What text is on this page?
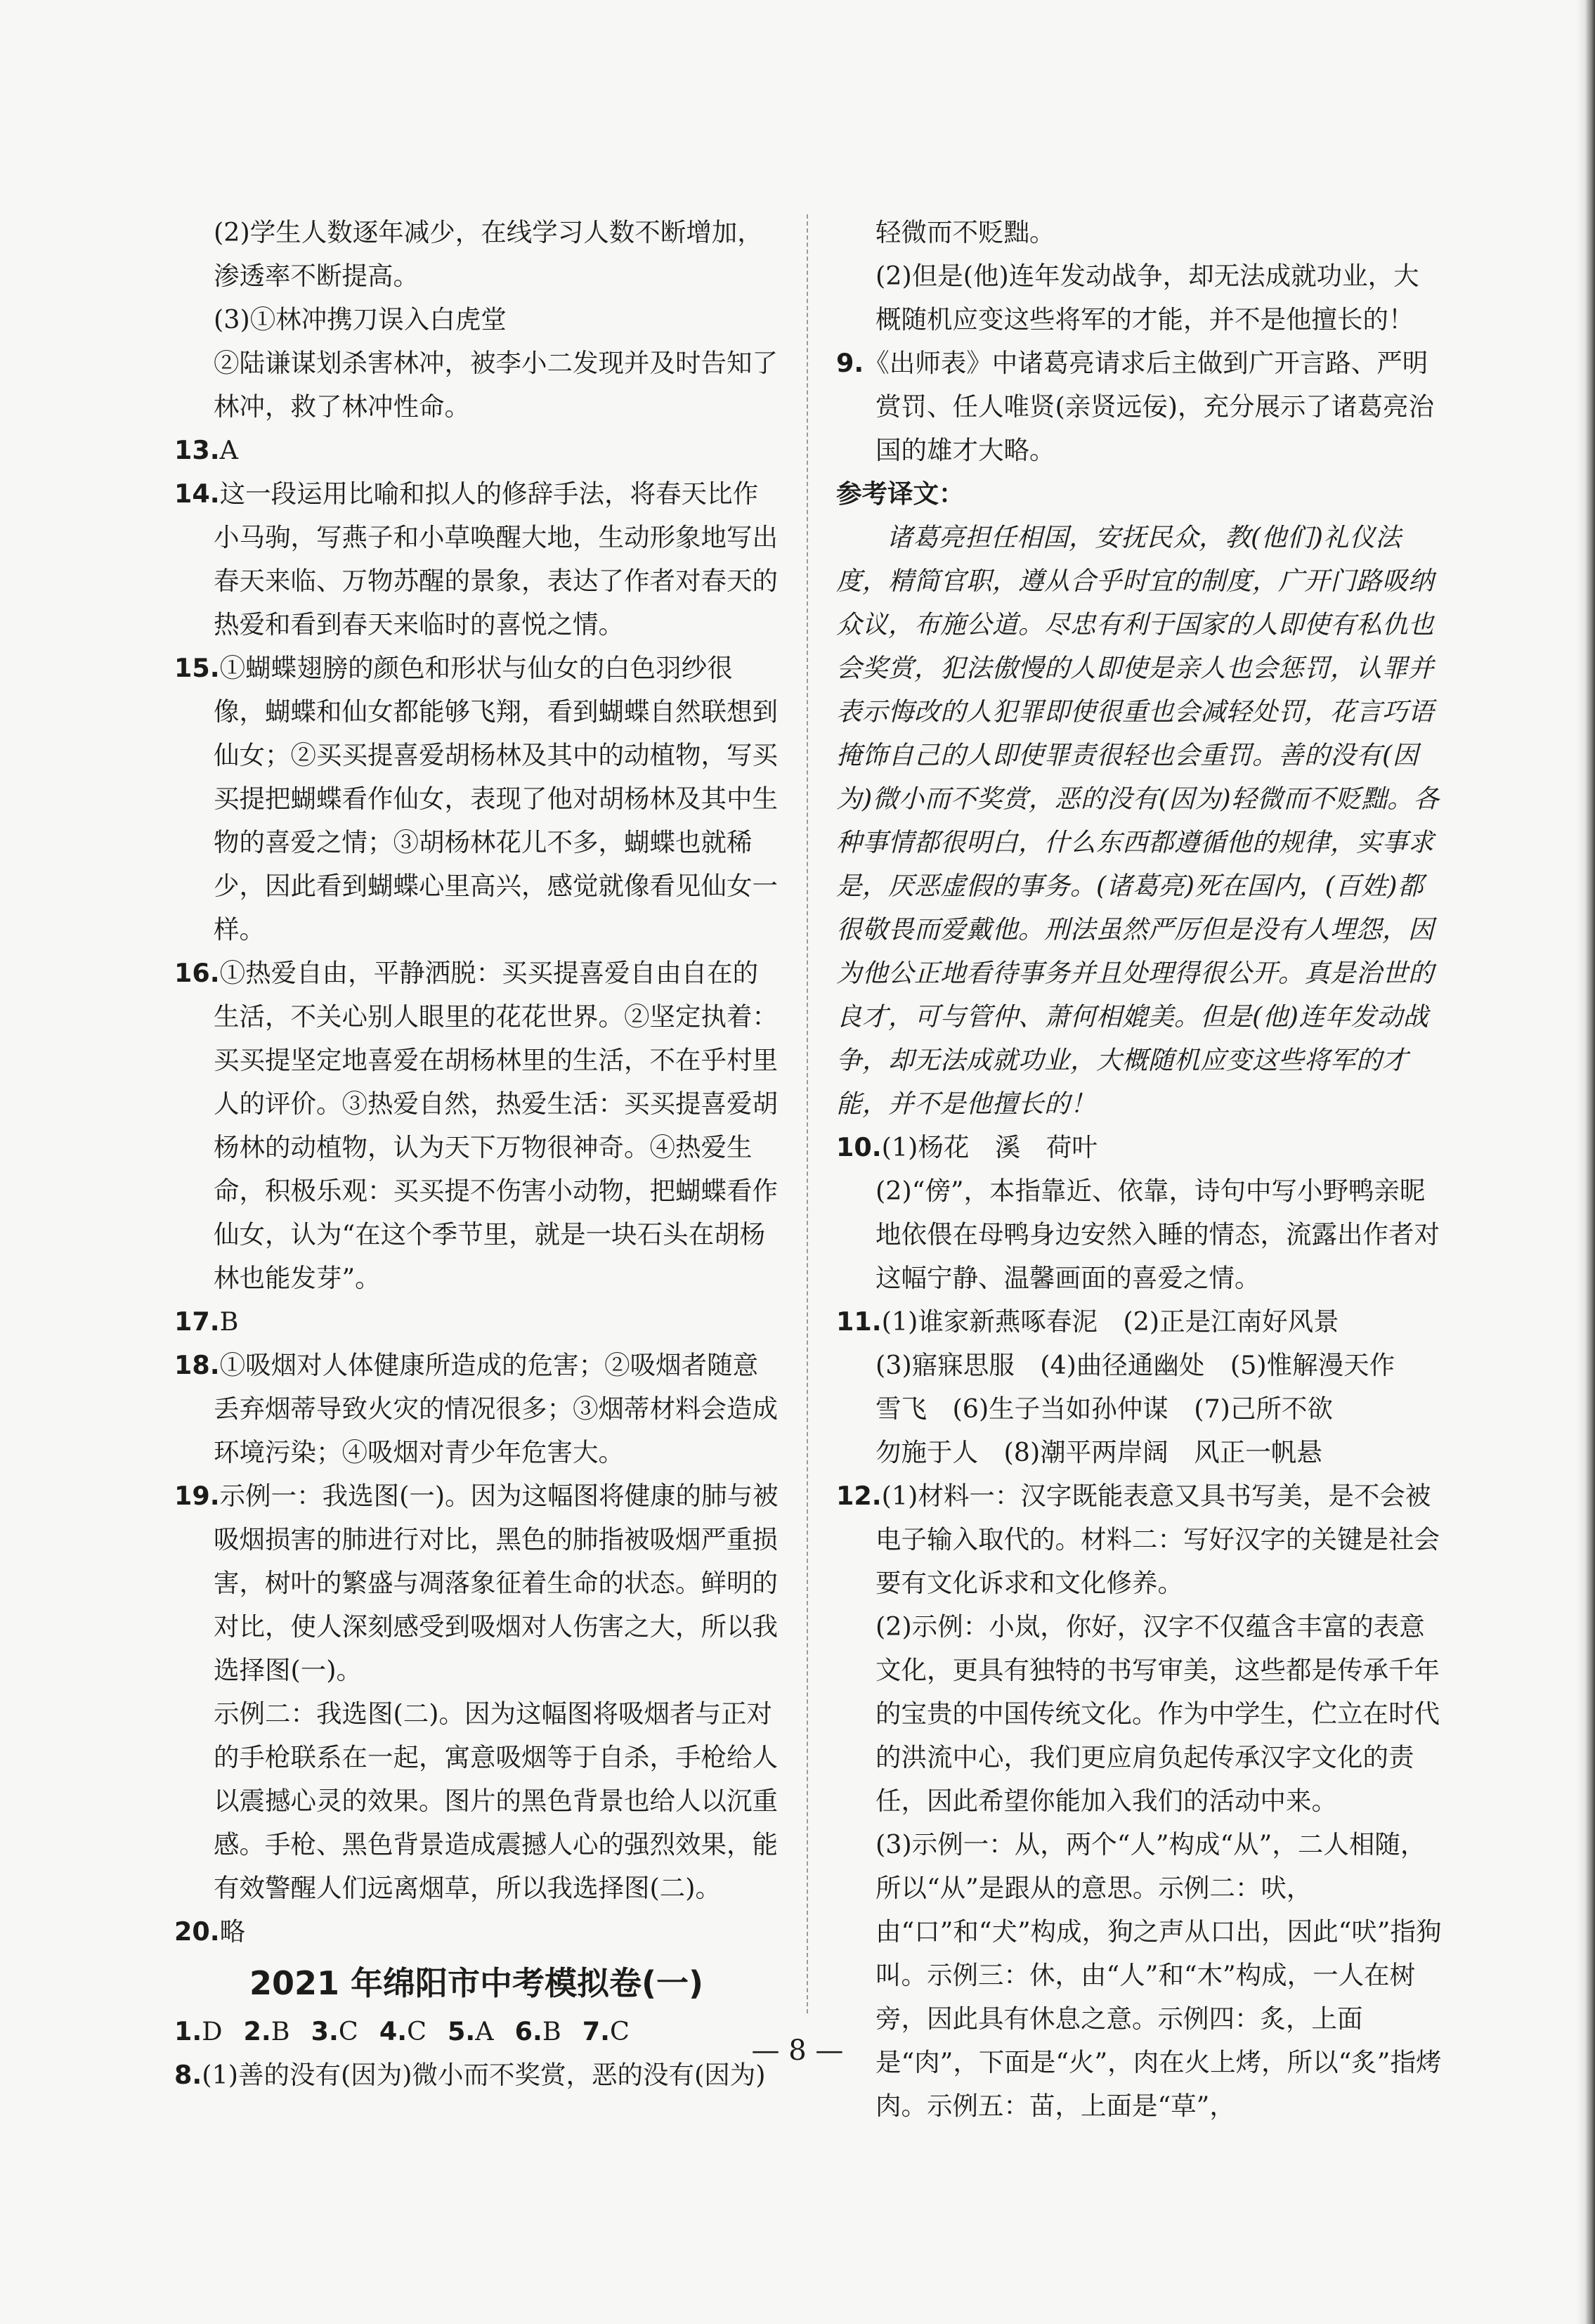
(2)学生人数逐年减少，在线学习人数不断增加，渗透率不断提高。

(3)①林冲携刀误入白虎堂

②陆谦谋划杀害林冲，被李小二发现并及时告知了林冲，救了林冲性命。

13.A

14.这一段运用比喻和拟人的修辞手法，将春天比作小马驹，写燕子和小草唤醒大地，生动形象地写出春天来临、万物苏醒的景象，表达了作者对春天的热爱和看到春天来临时的喜悦之情。

15.①蝴蝶翅膀的颜色和形状与仙女的白色羽纱很像，蝴蝶和仙女都能够飞翔，看到蝴蝶自然联想到仙女；②买买提喜爱胡杨林及其中的动植物，写买买提把蝴蝶看作仙女，表现了他对胡杨林及其中生物的喜爱之情；③胡杨林花儿不多，蝴蝶也就稀少，因此看到蝴蝶心里高兴，感觉就像看见仙女一样。

16.①热爱自由，平静洒脱：买买提喜爱自由自在的生活，不关心别人眼里的花花世界。②坚定执着：买买提坚定地喜爱在胡杨林里的生活，不在乎村里人的评价。③热爱自然，热爱生活：买买提喜爱胡杨林的动植物，认为天下万物很神奇。④热爱生命，积极乐观：买买提不伤害小动物，把蝴蝶看作仙女，认为“在这个季节里，就是一块石头在胡杨林也能发芽”。

17.B

18.①吸烟对人体健康所造成的危害；②吸烟者随意丢弃烟蒂导致火灾的情况很多；③烟蒂材料会造成环境污染；④吸烟对青少年危害大。

19.示例一：我选图(一)。因为这幅图将健康的肺与被吸烟损害的肺进行对比，黑色的肺指被吸烟严重损害，树叶的繁盛与凋落象征着生命的状态。鲜明的对比，使人深刻感受到吸烟对人伤害之大，所以我选择图(一)。

示例二：我选图(二)。因为这幅图将吸烟者与正对的手枪联系在一起，寓意吸烟等于自杀，手枪给人以震撼心灵的效果。图片的黑色背景也给人以沉重感。手枪、黑色背景造成震撼人心的强烈效果，能有效警醒人们远离烟草，所以我选择图(二)。

20.略

2021 年绵阳市中考模拟卷(一)

1.D 2.B 3.C 4.C 5.A 6.B 7.C

8.(1)善的没有(因为)微小而不奖赏，恶的没有(因为)

轻微而不贬黜。

(2)但是(他)连年发动战争，却无法成就功业，大概随机应变这些将军的才能，并不是他擅长的！

9.《出师表》中诸葛亮请求后主做到广开言路、严明赏罚、任人唯贤(亲贤远佞)，充分展示了诸葛亮治国的雄才大略。

参考译文：

诸葛亮担任相国，安抚民众，教(他们)礼仪法度，精简官职，遵从合乎时宜的制度，广开门路吸纳众议，布施公道。尽忠有利于国家的人即使有私仇也会奖赏，犯法傲慢的人即使是亲人也会惩罚，认罪并表示悔改的人犯罪即使很重也会减轻处罚，花言巧语掩饰自己的人即使罪责很轻也会重罚。善的没有(因为)微小而不奖赏，恶的没有(因为)轻微而不贬黜。各种事情都很明白，什么东西都遵循他的规律，实事求是，厌恶虚假的事务。(诸葛亮)死在国内，(百姓)都很敬畏而爱戴他。刑法虽然严厉但是没有人埋怨，因为他公正地看待事务并且处理得很公开。真是治世的良才，可与管仲、萧何相媲美。但是(他)连年发动战争，却无法成就功业，大概随机应变这些将军的才能，并不是他擅长的！

10.(1)杨花　溪　荷叶

(2)“傍”，本指靠近、依靠，诗句中写小野鸭亲昵地依偎在母鸭身边安然入睡的情态，流露出作者对这幅宁静、温馨画面的喜爱之情。

11.(1)谁家新燕啄春泥　(2)正是江南好风景

(3)寤寐思服　(4)曲径通幽处　(5)惟解漫天作

雪飞　(6)生子当如孙仲谋　(7)己所不欲

勿施于人　(8)潮平两岸阔　风正一帆悬

12.(1)材料一：汉字既能表意又具书写美，是不会被电子输入取代的。材料二：写好汉字的关键是社会要有文化诉求和文化修养。

(2)示例：小岚，你好，汉字不仅蕴含丰富的表意文化，更具有独特的书写审美，这些都是传承千年的宝贵的中国传统文化。作为中学生，伫立在时代的洪流中心，我们更应肩负起传承汉字文化的责任，因此希望你能加入我们的活动中来。

(3)示例一：从，两个“人”构成“从”，二人相随，所以“从”是跟从的意思。示例二：吠，由“口”和“犬”构成，狗之声从口出，因此“吠”指狗叫。示例三：休，由“人”和“木”构成，一人在树旁，因此具有休息之意。示例四：炙，上面是“肉”，下面是“火”，肉在火上烤，所以“炙”指烤肉。示例五：苗，上面是“草”，

— 8 —
